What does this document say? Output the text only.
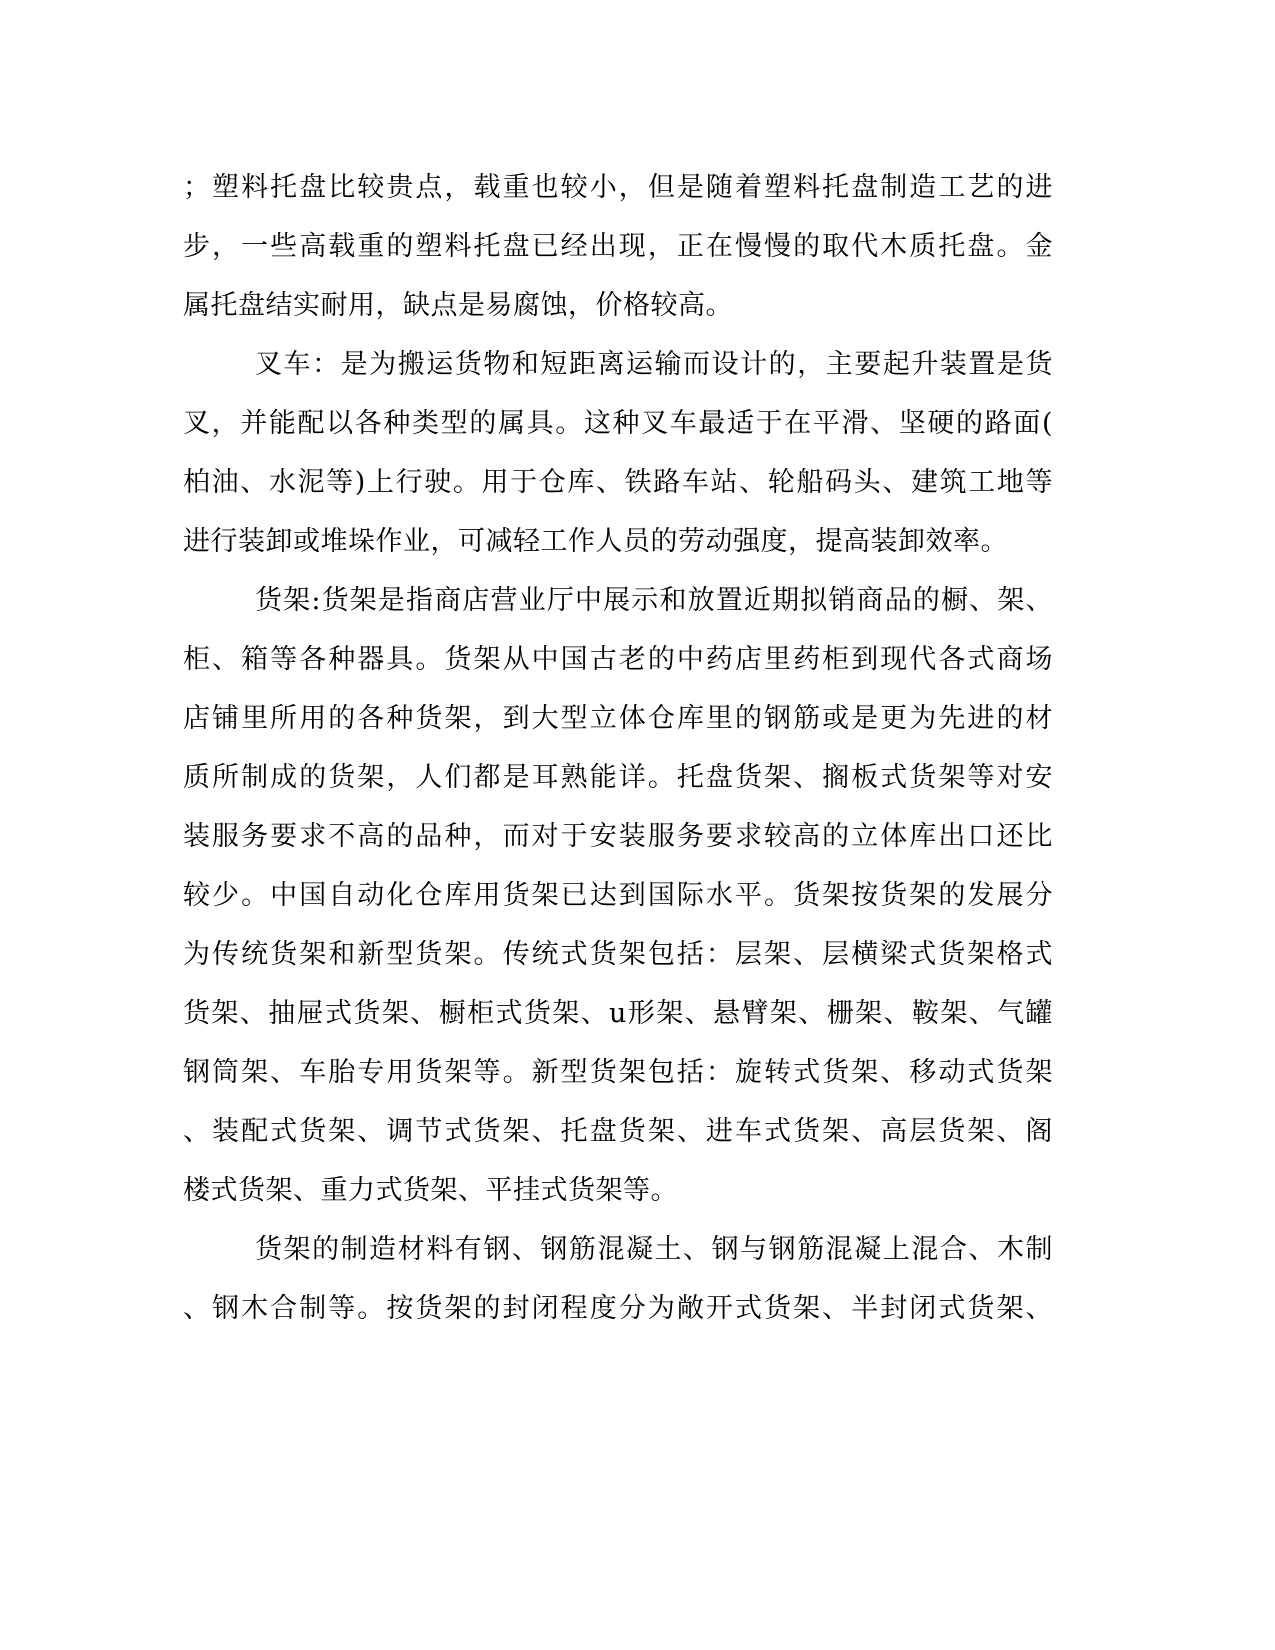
；塑料托盘比较贵点，载重也较小，但是随着塑料托盘制造工艺的进
步，一些高载重的塑料托盘已经出现，正在慢慢的取代木质托盘。金
属托盘结实耐用，缺点是易腐蚀，价格较高。
叉车：是为搬运货物和短距离运输而设计的，主要起升装置是货
叉，并能配以各种类型的属具。这种叉车最适于在平滑、坚硬的路面(
柏油、水泥等)上行驶。用于仓库、铁路车站、轮船码头、建筑工地等
进行装卸或堆垛作业，可减轻工作人员的劳动强度，提高装卸效率。
货架:货架是指商店营业厅中展示和放置近期拟销商品的橱、架、
柜、箱等各种器具。货架从中国古老的中药店里药柜到现代各式商场
店铺里所用的各种货架，到大型立体仓库里的钢筋或是更为先进的材
质所制成的货架，人们都是耳熟能详。托盘货架、搁板式货架等对安
装服务要求不高的品种，而对于安装服务要求较高的立体库出口还比
较少。中国自动化仓库用货架已达到国际水平。货架按货架的发展分
为传统货架和新型货架。传统式货架包括：层架、层横梁式货架格式
货架、抽屉式货架、橱柜式货架、u形架、悬臂架、栅架、鞍架、气罐
钢筒架、车胎专用货架等。新型货架包括：旋转式货架、移动式货架
、装配式货架、调节式货架、托盘货架、进车式货架、高层货架、阁
楼式货架、重力式货架、平挂式货架等。
货架的制造材料有钢、钢筋混凝土、钢与钢筋混凝上混合、木制
、钢木合制等。按货架的封闭程度分为敞开式货架、半封闭式货架、
